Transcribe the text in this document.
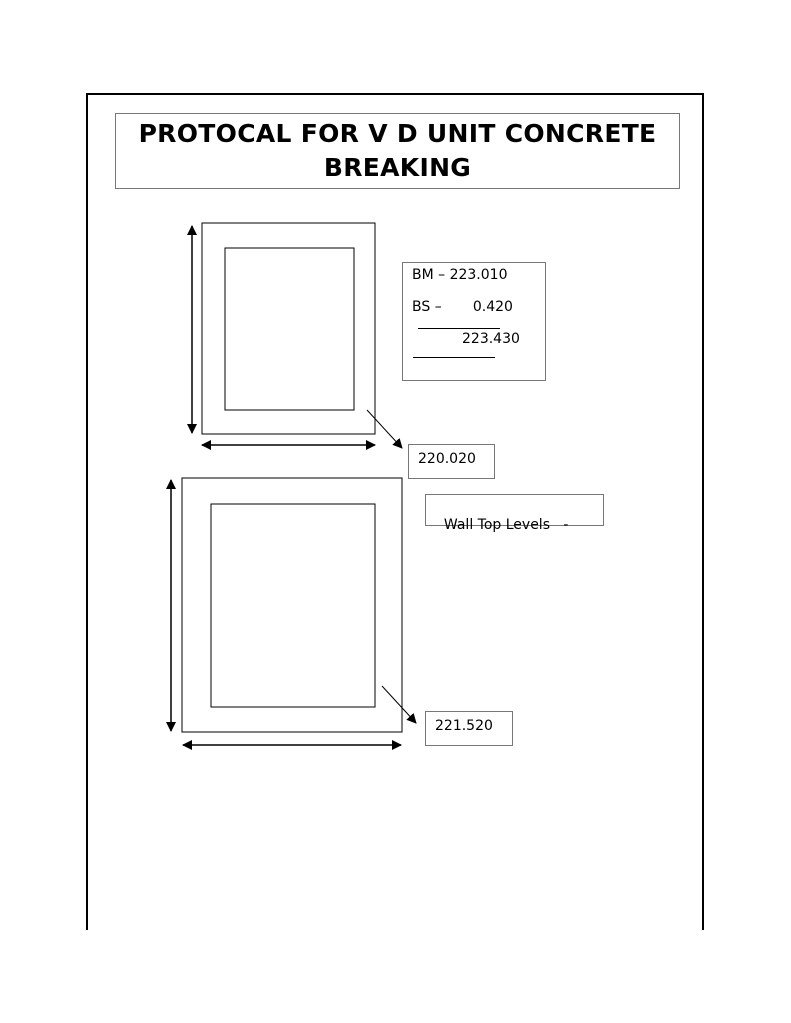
PROTOCAL FOR V D UNIT CONCRETE BREAKING
BM – 223.010
BS –       0.420
223.430
220.020

Wall Top Levels   -

221.520
